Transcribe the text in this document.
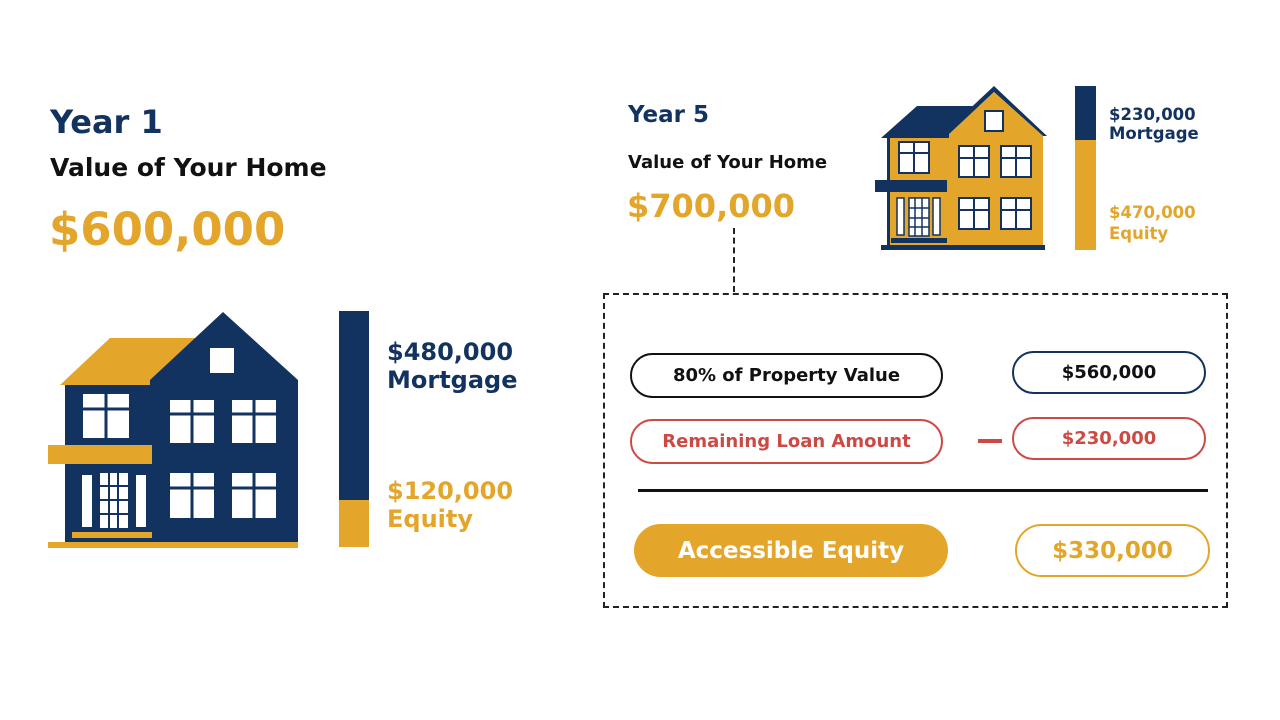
Year 1
Value of Your Home
$600,000
$480,000
Mortgage
$120,000
Equity
Year 5
Value of Your Home
$700,000
$230,000
Mortgage
$470,000
Equity
80% of Property Value	$560,000
Remaining Loan Amount	$230,000
Accessible Equity	$330,000
